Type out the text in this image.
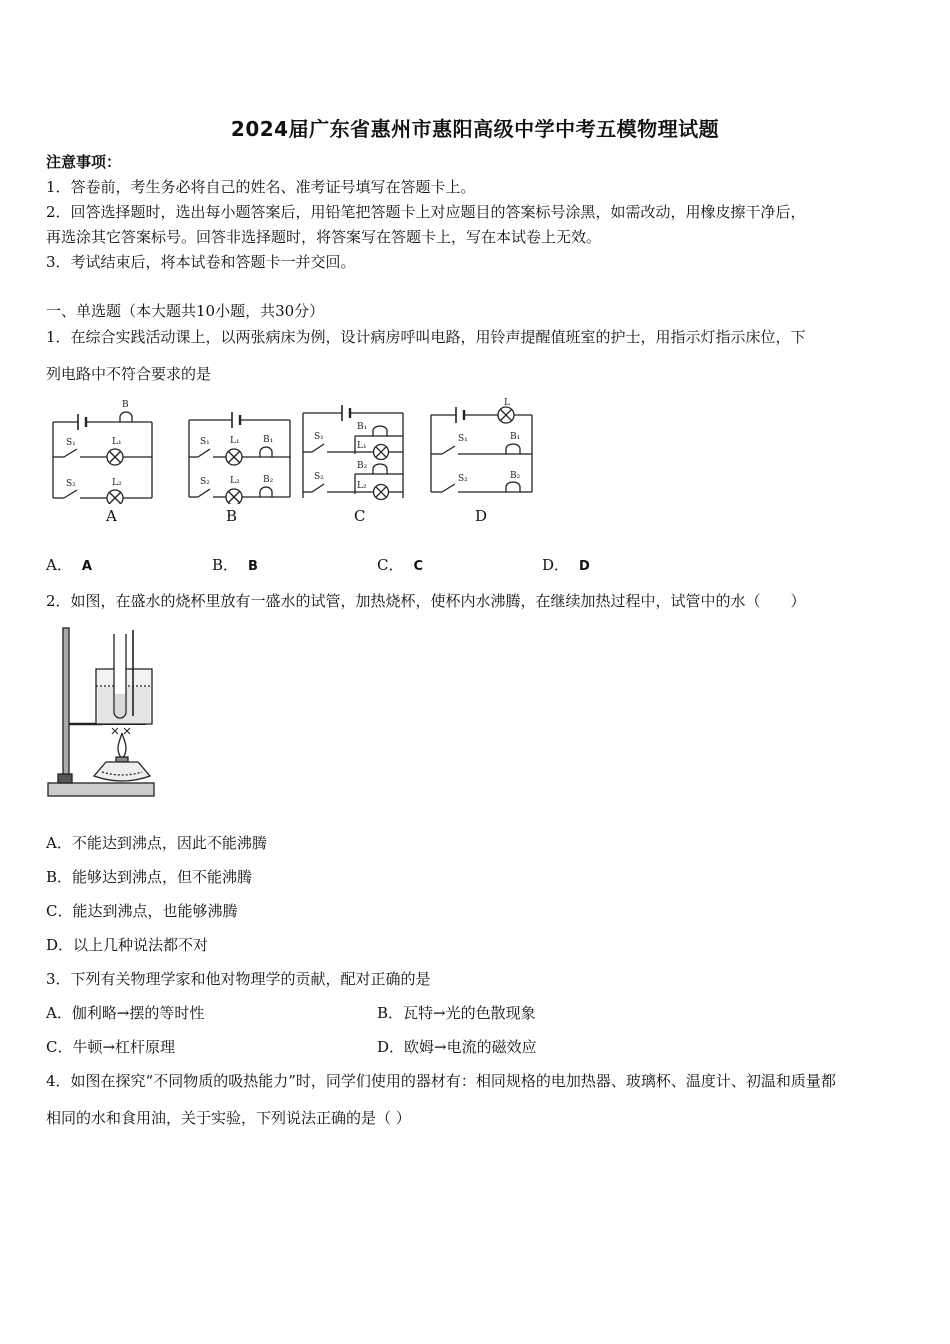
2024届广东省惠州市惠阳高级中学中考五模物理试题
注意事项：
1．答卷前，考生务必将自己的姓名、准考证号填写在答题卡上。
2．回答选择题时，选出每小题答案后，用铅笔把答题卡上对应题目的答案标号涂黑，如需改动，用橡皮擦干净后，
再选涂其它答案标号。回答非选择题时，将答案写在答题卡上，写在本试卷上无效。
3．考试结束后，将本试卷和答题卡一并交回。
一、单选题（本大题共10小题，共30分）
1．在综合实践活动课上，以两张病床为例，设计病房呼叫电路，用铃声提醒值班室的护士，用指示灯指示床位，下
列电路中不符合要求的是
B
S₁	L₁
S₂	L₂
A
S₁ L₁	B₁
S₂ L₂	B₂
B
S₁
B₁
L₁
S₂
B₂
L₂
C
L
S₁	B₁
S₂	B₂
D
A． A	B． B	C． C	D． D
2．如图，在盛水的烧杯里放有一盛水的试管，加热烧杯，使杯内水沸腾，在继续加热过程中，试管中的水（　　）
A．不能达到沸点，因此不能沸腾
B．能够达到沸点，但不能沸腾
C．能达到沸点，也能够沸腾
D．以上几种说法都不对
3．下列有关物理学家和他对物理学的贡献，配对正确的是
A．伽利略→摆的等时性	B．瓦特→光的色散现象
C．牛顿→杠杆原理	D．欧姆→电流的磁效应
4．如图在探究“不同物质的吸热能力”时，同学们使用的器材有：相同规格的电加热器、玻璃杯、温度计、初温和质量都
相同的水和食用油，关于实验，下列说法正确的是（ ）
